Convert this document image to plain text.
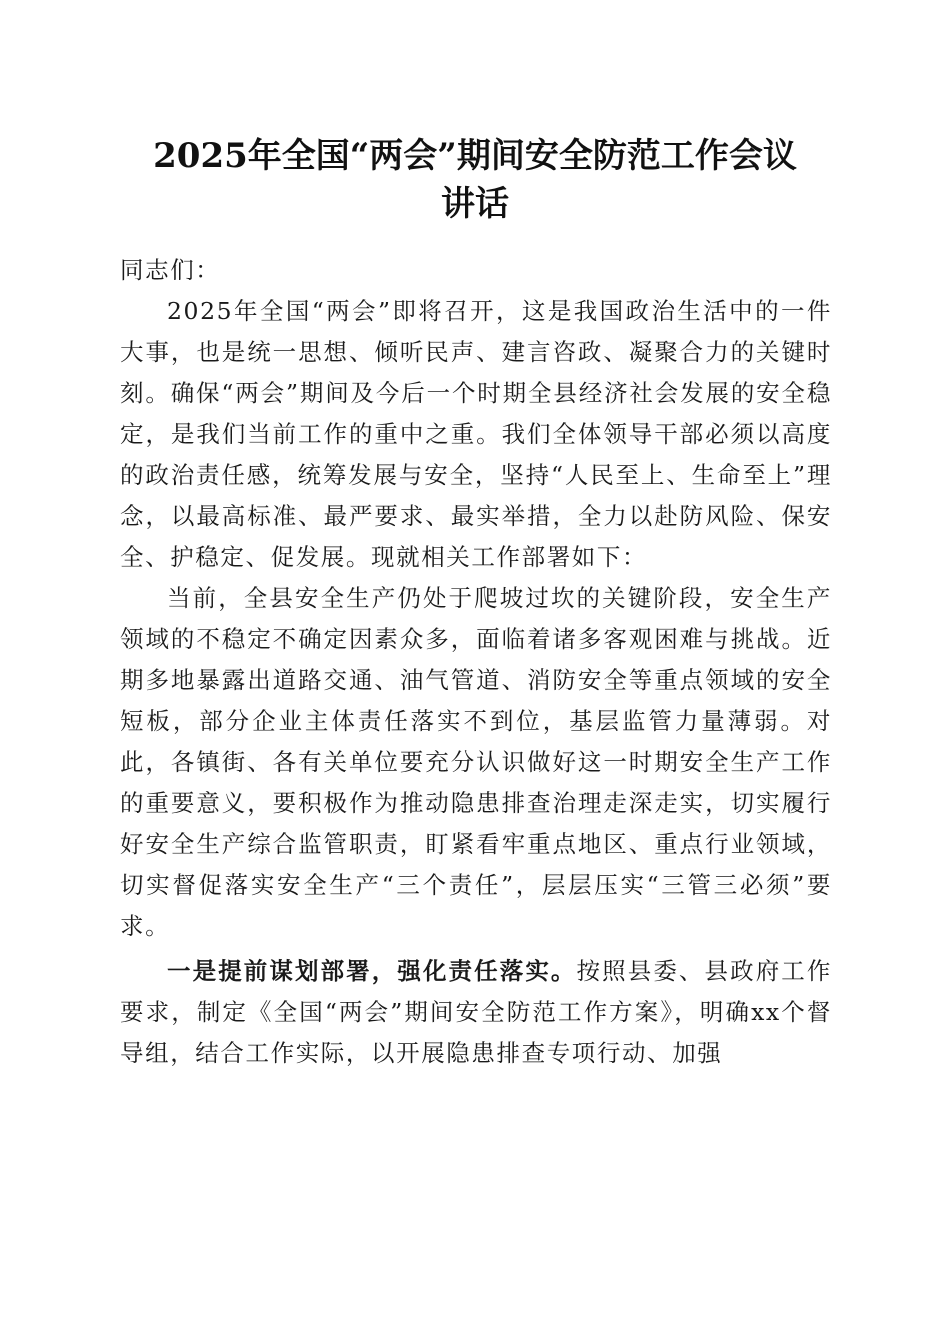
2025年全国“两会”期间安全防范工作会议
讲话

同志们：

2025年全国“两会”即将召开，这是我国政治生活中的一件大事，也是统一思想、倾听民声、建言咨政、凝聚合力的关键时刻。确保“两会”期间及今后一个时期全县经济社会发展的安全稳定，是我们当前工作的重中之重。我们全体领导干部必须以高度的政治责任感，统筹发展与安全，坚持“人民至上、生命至上”理念，以最高标准、最严要求、最实举措，全力以赴防风险、保安全、护稳定、促发展。现就相关工作部署如下：

当前，全县安全生产仍处于爬坡过坎的关键阶段，安全生产领域的不稳定不确定因素众多，面临着诸多客观困难与挑战。近期多地暴露出道路交通、油气管道、消防安全等重点领域的安全短板，部分企业主体责任落实不到位，基层监管力量薄弱。对此，各镇街、各有关单位要充分认识做好这一时期安全生产工作的重要意义，要积极作为推动隐患排查治理走深走实，切实履行好安全生产综合监管职责，盯紧看牢重点地区、重点行业领域，切实督促落实安全生产“三个责任”，层层压实“三管三必须”要求。

一是提前谋划部署，强化责任落实。按照县委、县政府工作要求，制定《全国“两会”期间安全防范工作方案》，明确xx个督导组，结合工作实际，以开展隐患排查专项行动、加强
